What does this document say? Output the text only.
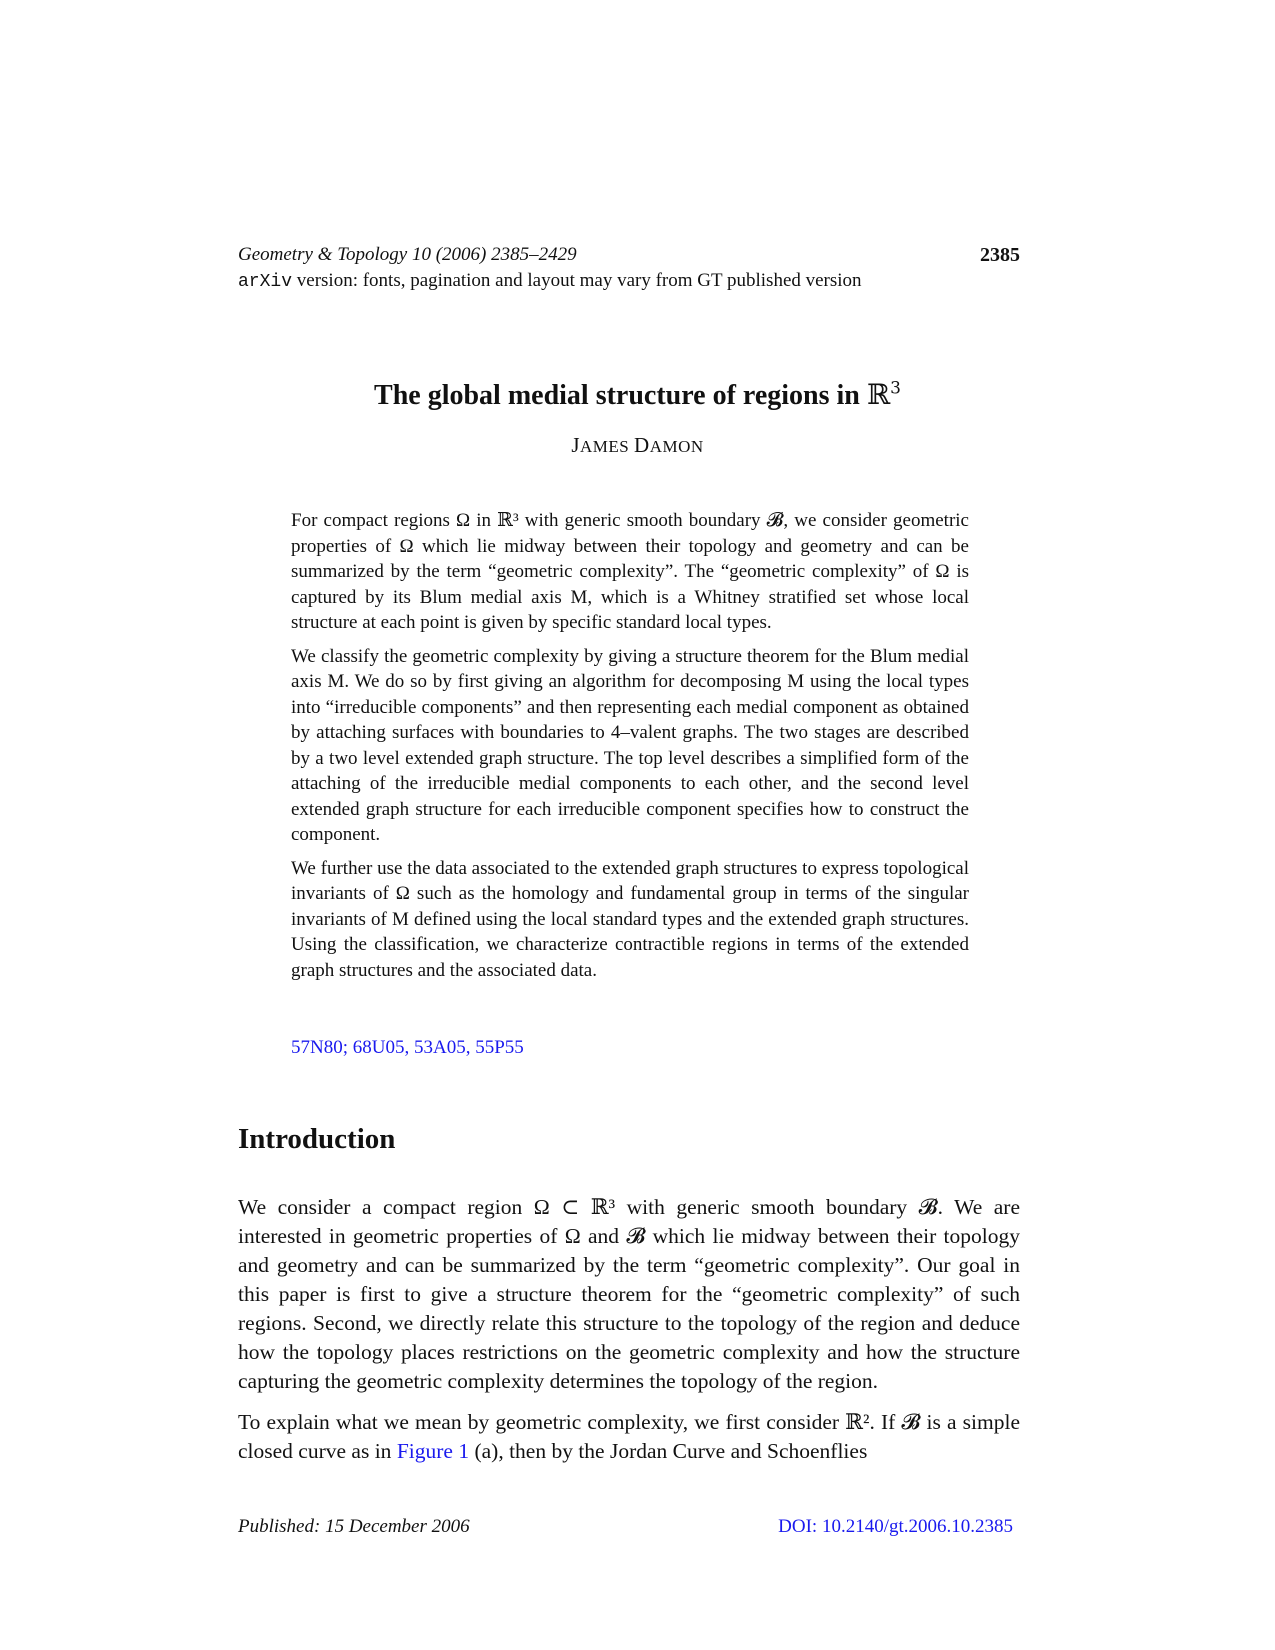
Geometry & Topology 10 (2006) 2385–2429	2385
arXiv version: fonts, pagination and layout may vary from GT published version
The global medial structure of regions in ℝ$^3$
JAMES DAMON

For compact regions Ω in ℝ³ with generic smooth boundary 𝓑, we consider geometric properties of Ω which lie midway between their topology and geometry and can be summarized by the term “geometric complexity”. The “geometric complexity” of Ω is captured by its Blum medial axis M, which is a Whitney stratified set whose local structure at each point is given by specific standard local types.

We classify the geometric complexity by giving a structure theorem for the Blum medial axis M. We do so by first giving an algorithm for decomposing M using the local types into “irreducible components” and then representing each medial component as obtained by attaching surfaces with boundaries to 4–valent graphs. The two stages are described by a two level extended graph structure. The top level describes a simplified form of the attaching of the irreducible medial components to each other, and the second level extended graph structure for each irreducible component specifies how to construct the component.

We further use the data associated to the extended graph structures to express topological invariants of Ω such as the homology and fundamental group in terms of the singular invariants of M defined using the local standard types and the extended graph structures. Using the classification, we characterize contractible regions in terms of the extended graph structures and the associated data.

57N80; 68U05, 53A05, 55P55
Introduction

We consider a compact region Ω ⊂ ℝ³ with generic smooth boundary 𝓑. We are interested in geometric properties of Ω and 𝓑 which lie midway between their topology and geometry and can be summarized by the term “geometric complexity”. Our goal in this paper is first to give a structure theorem for the “geometric complexity” of such regions. Second, we directly relate this structure to the topology of the region and deduce how the topology places restrictions on the geometric complexity and how the structure capturing the geometric complexity determines the topology of the region.

To explain what we mean by geometric complexity, we first consider ℝ². If 𝓑 is a simple closed curve as in Figure 1 (a), then by the Jordan Curve and Schoenflies

Published: 15 December 2006	DOI: 10.2140/gt.2006.10.2385
